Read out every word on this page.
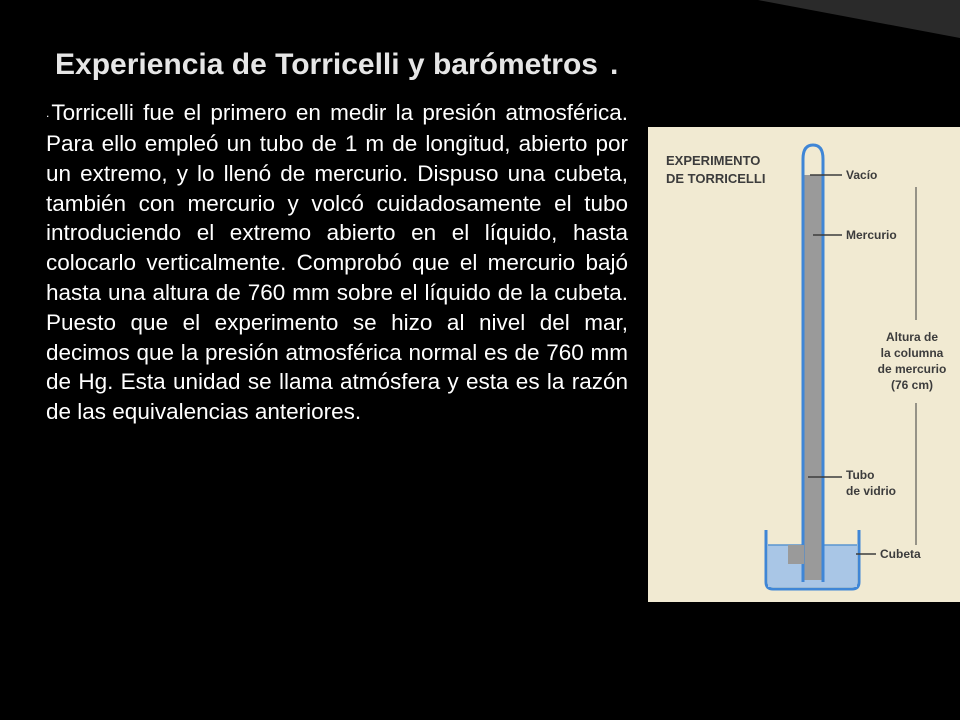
Experiencia de Torricelli y barómetros .
.Torricelli fue el primero en medir la presión atmosférica. Para ello empleó un tubo de 1 m de longitud, abierto por un extremo, y lo llenó de mercurio. Dispuso una cubeta, también con mercurio y volcó cuidadosamente el tubo introduciendo el extremo abierto en el líquido, hasta colocarlo verticalmente. Comprobó que el mercurio bajó hasta una altura de 760 mm sobre el líquido de la cubeta. Puesto que el experimento se hizo al nivel del mar, decimos que la presión atmosférica normal es de 760 mm de Hg. Esta unidad se llama atmósfera y esta es la razón de las equivalencias anteriores.
EXPERIMENTO
DE TORRICELLI	Vacío
Mercurio
Altura de
la columna
de mercurio
(76 cm)
Tubo
de vidrio
Cubeta
